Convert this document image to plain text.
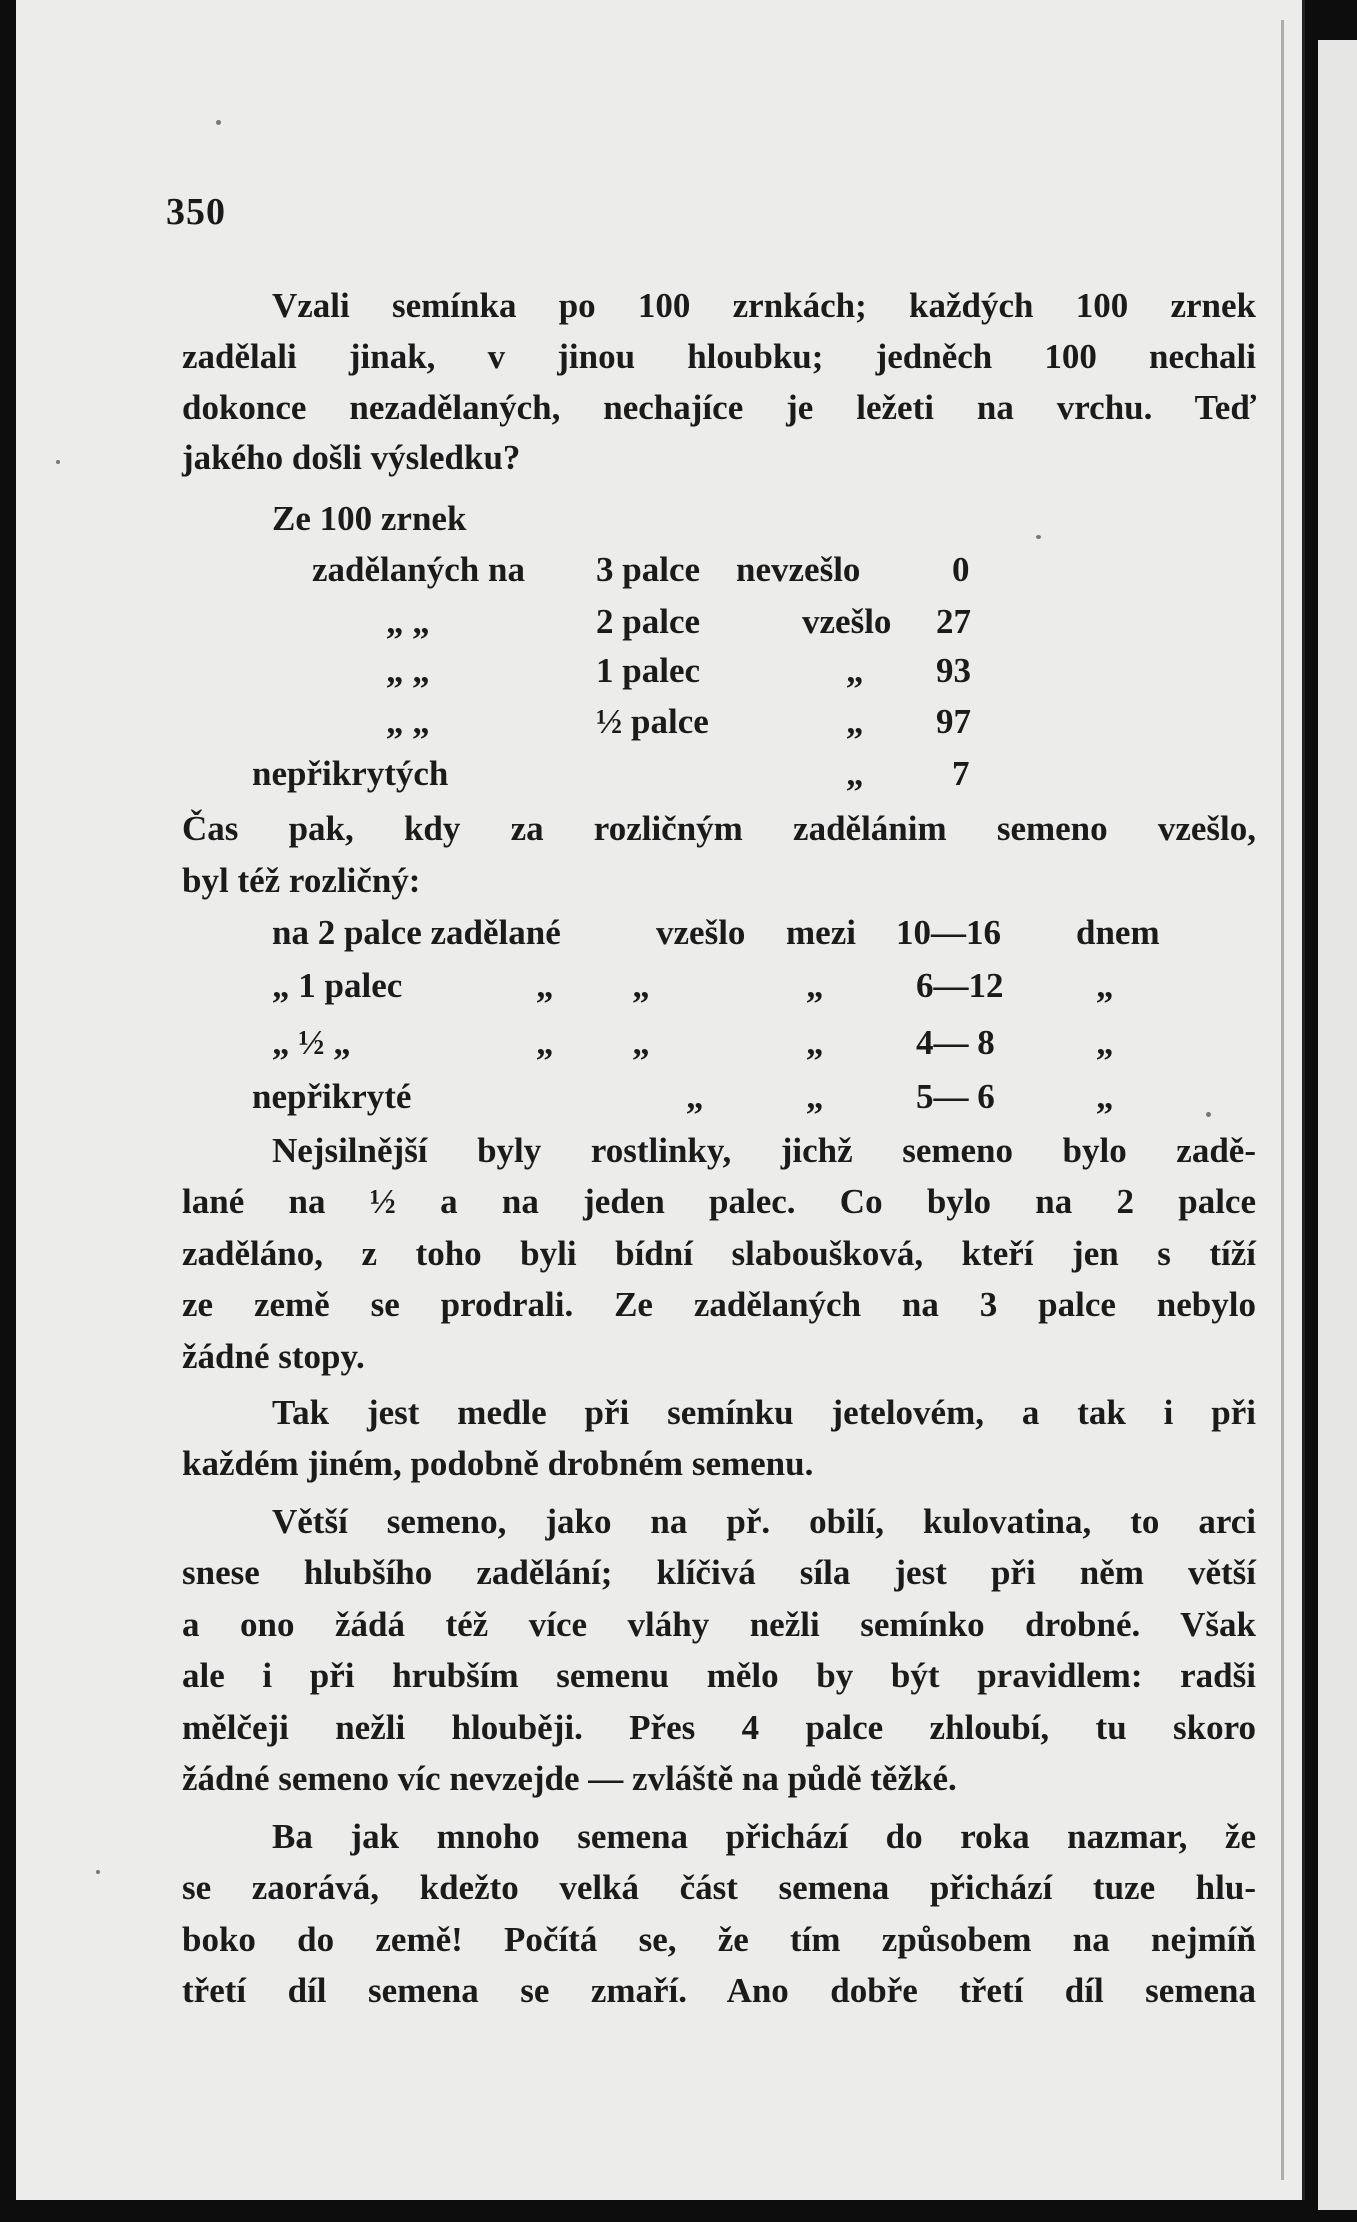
350
Vzali semínka po 100 zrnkách; každých 100 zrnek
zadělali jinak, v jinou hloubku; jedněch 100 nechali
dokonce nezadělaných, nechajíce je ležeti na vrchu. Teď
jakého došli výsledku?
Ze 100 zrnek
zadělaných na 3 palce nevzešlo	0
„ „	2 palce	vzešlo 27
„ „	1 palec	„ 93
„ „	½ palce	„ 97
nepřikrytých	„	7
Čas pak, kdy za rozličným zadělánim semeno vzešlo,
byl též rozličný:
na 2 palce zadělané	vzešlo mezi 10—16 dnem
„ 1 palec	„ „	„	6—12	„
„ ½ „	„ „	„	4— 8	„
nepřikryté	„	„	5— 6	„
Nejsilnější byly rostlinky, jichž semeno bylo zadě-
lané na ½ a na jeden palec. Co bylo na 2 palce
zaděláno, z toho byli bídní slaboušková, kteří jen s tíží
ze země se prodrali. Ze zadělaných na 3 palce nebylo
žádné stopy.
Tak jest medle při semínku jetelovém, a tak i při
každém jiném, podobně drobném semenu.
Větší semeno, jako na př. obilí, kulovatina, to arci
snese hlubšího zadělání; klíčivá síla jest při něm větší
a ono žádá též více vláhy nežli semínko drobné. Však
ale i při hrubším semenu mělo by být pravidlem: radši
mělčeji nežli hlouběji. Přes 4 palce zhloubí, tu skoro
žádné semeno víc nevzejde — zvláště na půdě těžké.
Ba jak mnoho semena přichází do roka nazmar, že
se zaorává, kdežto velká část semena přichází tuze hlu-
boko do země! Počítá se, že tím způsobem na nejmíň
třetí díl semena se zmaří. Ano dobře třetí díl semena
